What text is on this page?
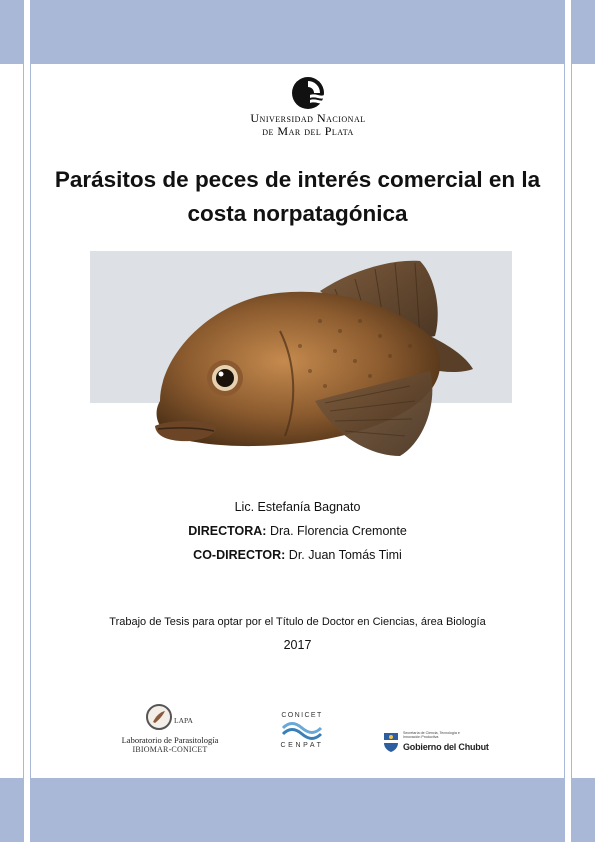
Universidad Nacional
de Mar del Plata
Parásitos de peces de interés comercial en la costa norpatagónica
Lic. Estefanía Bagnato
DIRECTORA: Dra. Florencia Cremonte
CO-DIRECTOR: Dr. Juan Tomás Timi
Trabajo de Tesis para optar por el Título de Doctor en Ciencias, área Biología
2017
LAPA
Laboratorio de Parasitología
IBIOMAR-CONICET
CONICET
CENPAT
Secretaría de Ciencia, Tecnología e Innovación Productiva
Gobierno del Chubut
